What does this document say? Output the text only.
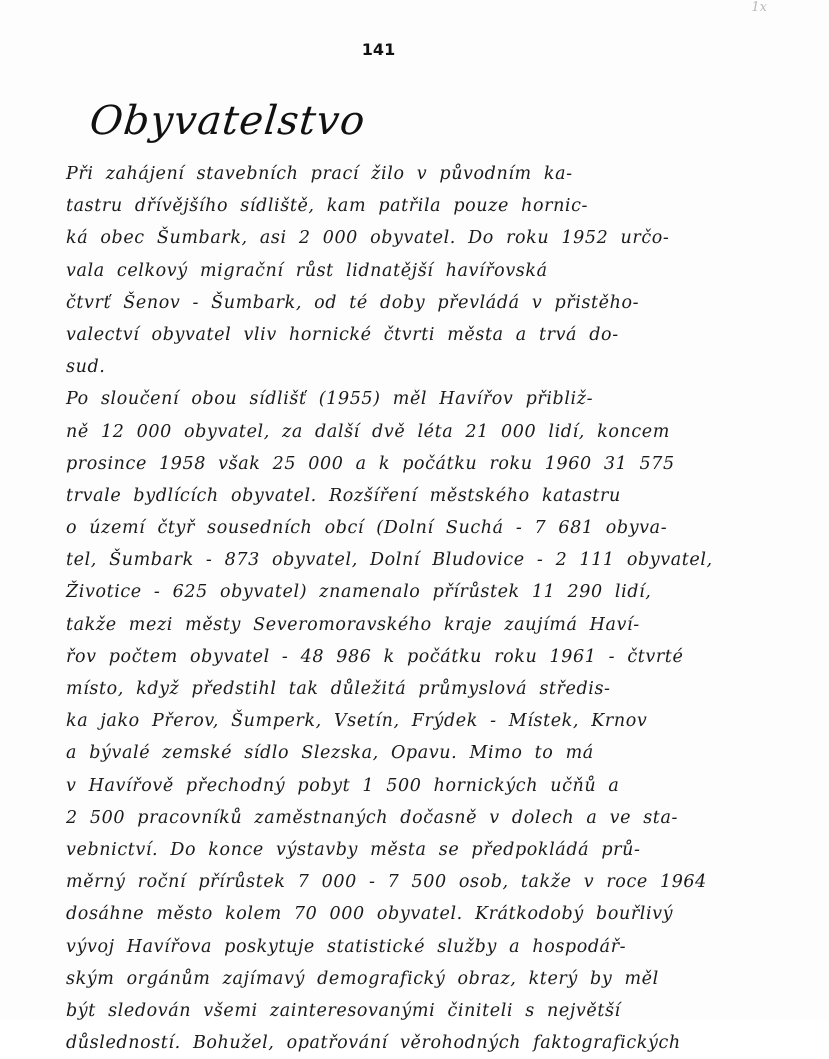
1x
141
Obyvatelstvo
Při zahájení stavebních prací žilo v původním ka-
tastru dřívějšího sídliště, kam patřila pouze hornic-
ká obec Šumbark, asi 2 000 obyvatel. Do roku 1952 určo-
vala celkový migrační růst lidnatější havířovská
čtvrť Šenov - Šumbark, od té doby převládá v přistěho-
valectví obyvatel vliv hornické čtvrti města a trvá do-
sud.
Po sloučení obou sídlišť (1955) měl Havířov přibliž-
ně 12 000 obyvatel, za další dvě léta 21 000 lidí, koncem
prosince 1958 však 25 000 a k počátku roku 1960 31 575
trvale bydlících obyvatel. Rozšíření městského katastru
o území čtyř sousedních obcí (Dolní Suchá - 7 681 obyva-
tel, Šumbark - 873 obyvatel, Dolní Bludovice - 2 111 obyvatel,
Životice - 625 obyvatel) znamenalo přírůstek 11 290 lidí,
takže mezi městy Severomoravského kraje zaujímá Haví-
řov počtem obyvatel - 48 986 k počátku roku 1961 - čtvrté
místo, když předstihl tak důležitá průmyslová středis-
ka jako Přerov, Šumperk, Vsetín, Frýdek - Místek, Krnov
a bývalé zemské sídlo Slezska, Opavu. Mimo to má
v Havířově přechodný pobyt 1 500 hornických učňů a
2 500 pracovníků zaměstnaných dočasně v dolech a ve sta-
vebnictví. Do konce výstavby města se předpokládá prů-
měrný roční přírůstek 7 000 - 7 500 osob, takže v roce 1964
dosáhne město kolem 70 000 obyvatel. Krátkodobý bouřlivý
vývoj Havířova poskytuje statistické služby a hospodář-
ským orgánům zajímavý demografický obraz, který by měl
být sledován všemi zainteresovanými činiteli s největší
důsledností. Bohužel, opatřování věrohodných faktografických
